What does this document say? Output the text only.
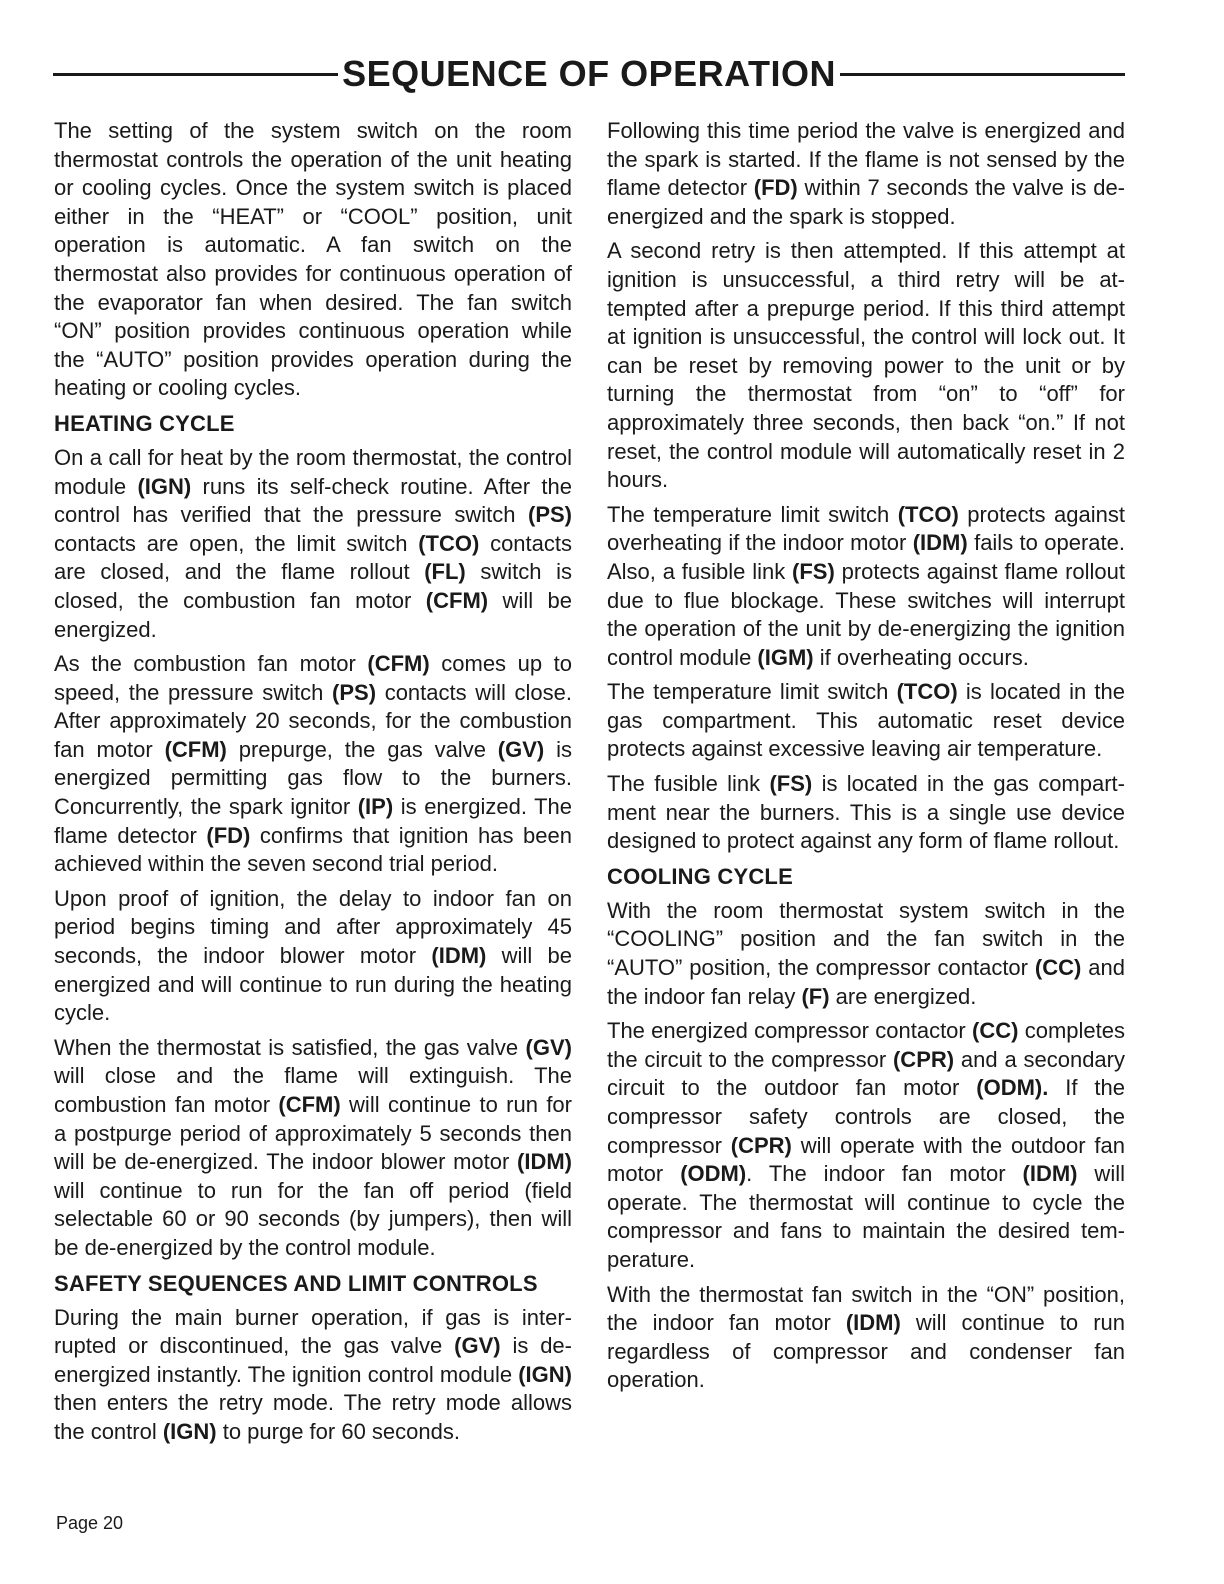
SEQUENCE OF OPERATION

The setting of the system switch on the room thermostat controls the operation of the unit heating or cooling cycles. Once the system switch is placed either in the “HEAT” or “COOL” position, unit operation is automatic. A fan switch on the thermostat also provides for continuous operation of the evaporator fan when desired. The fan switch “ON” position provides continuous operation while the “AUTO” position provides operation during the heating or cooling cycles.

HEATING CYCLE

On a call for heat by the room thermostat, the control module (IGN) runs its self-check routine. After the control has verified that the pressure switch (PS) contacts are open, the limit switch (TCO) contacts are closed, and the flame rollout (FL) switch is closed, the combustion fan motor (CFM) will be energized.

As the combustion fan motor (CFM) comes up to speed, the pressure switch (PS) contacts will close. After approximately 20 seconds, for the combustion fan motor (CFM) prepurge, the gas valve (GV) is energized permitting gas flow to the burners. Concurrently, the spark ignitor (IP) is energized. The flame detector (FD) confirms that ignition has been achieved within the seven second trial period.

Upon proof of ignition, the delay to indoor fan on period begins timing and after approximately 45 seconds, the indoor blower motor (IDM) will be energized and will continue to run during the heating cycle.

When the thermostat is satisfied, the gas valve (GV) will close and the flame will extinguish. The combustion fan motor (CFM) will continue to run for a postpurge period of approximately 5 seconds then will be de-energized. The indoor blower motor (IDM) will continue to run for the fan off period (field selectable 60 or 90 seconds (by jumpers), then will be de-energized by the control module.

SAFETY SEQUENCES AND LIMIT CONTROLS

During the main burner operation, if gas is interrupted or discontinued, the gas valve (GV) is de-energized instantly. The ignition control module (IGN) then enters the retry mode. The retry mode allows the control (IGN) to purge for 60 seconds.

Following this time period the valve is energized and the spark is started. If the flame is not sensed by the flame detector (FD) within 7 seconds the valve is de-energized and the spark is stopped.

A second retry is then attempted. If this attempt at ignition is unsuccessful, a third retry will be attempted after a prepurge period. If this third attempt at ignition is unsuccessful, the control will lock out. It can be reset by removing power to the unit or by turning the thermostat from “on” to “off” for approximately three seconds, then back “on.” If not reset, the control module will automatically reset in 2 hours.

The temperature limit switch (TCO) protects against overheating if the indoor motor (IDM) fails to operate. Also, a fusible link (FS) protects against flame rollout due to flue blockage. These switches will interrupt the operation of the unit by de-energizing the ignition control module (IGM) if overheating occurs.

The temperature limit switch (TCO) is located in the gas compartment. This automatic reset device protects against excessive leaving air temperature.

The fusible link (FS) is located in the gas compartment near the burners. This is a single use device designed to protect against any form of flame rollout.

COOLING CYCLE

With the room thermostat system switch in the “COOLING” position and the fan switch in the “AUTO” position, the compressor contactor (CC) and the indoor fan relay (F) are energized.

The energized compressor contactor (CC) completes the circuit to the compressor (CPR) and a secondary circuit to the outdoor fan motor (ODM). If the compressor safety controls are closed, the compressor (CPR) will operate with the outdoor fan motor (ODM). The indoor fan motor (IDM) will operate. The thermostat will continue to cycle the compressor and fans to maintain the desired temperature.

With the thermostat fan switch in the “ON” position, the indoor fan motor (IDM) will continue to run regardless of compressor and condenser fan operation.

Page 20
